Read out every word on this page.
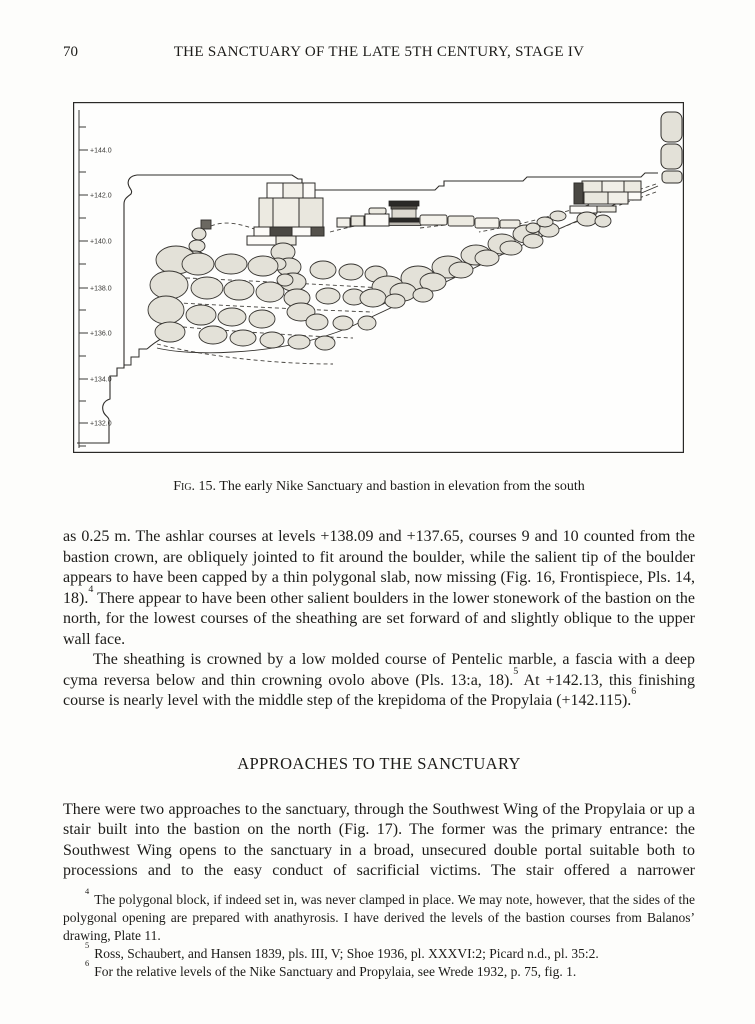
70	THE SANCTUARY OF THE LATE 5TH CENTURY, STAGE IV
+144.0
+142.0
+140.0
+138.0
+136.0
+134.0
+132.0
Fig. 15. The early Nike Sanctuary and bastion in elevation from the south

as 0.25 m. The ashlar courses at levels +138.09 and +137.65, courses 9 and 10 counted from the bastion crown, are obliquely jointed to fit around the boulder, while the salient tip of the boulder appears to have been capped by a thin polygonal slab, now missing (Fig. 16, Frontispiece, Pls. 14, 18).$^4$ There appear to have been other salient boulders in the lower stonework of the bastion on the north, for the lowest courses of the sheathing are set forward of and slightly oblique to the upper wall face.

The sheathing is crowned by a low molded course of Pentelic marble, a fascia with a deep cyma reversa below and thin crowning ovolo above (Pls. 13:a, 18).$^5$ At +142.13, this finishing course is nearly level with the middle step of the krepidoma of the Propylaia (+142.115).$^6$

APPROACHES TO THE SANCTUARY

There were two approaches to the sanctuary, through the Southwest Wing of the Propylaia or up a stair built into the bastion on the north (Fig. 17). The former was the primary entrance: the Southwest Wing opens to the sanctuary in a broad, unsecured double portal suitable both to processions and to the easy conduct of sacrificial victims. The stair offered a narrower

$^4$ The polygonal block, if indeed set in, was never clamped in place. We may note, however, that the sides of the polygonal opening are prepared with anathyrosis. I have derived the levels of the bastion courses from Balanos’ drawing, Plate 11.

$^5$ Ross, Schaubert, and Hansen 1839, pls. III, V; Shoe 1936, pl. XXXVI:2; Picard n.d., pl. 35:2.

$^6$ For the relative levels of the Nike Sanctuary and Propylaia, see Wrede 1932, p. 75, fig. 1.
